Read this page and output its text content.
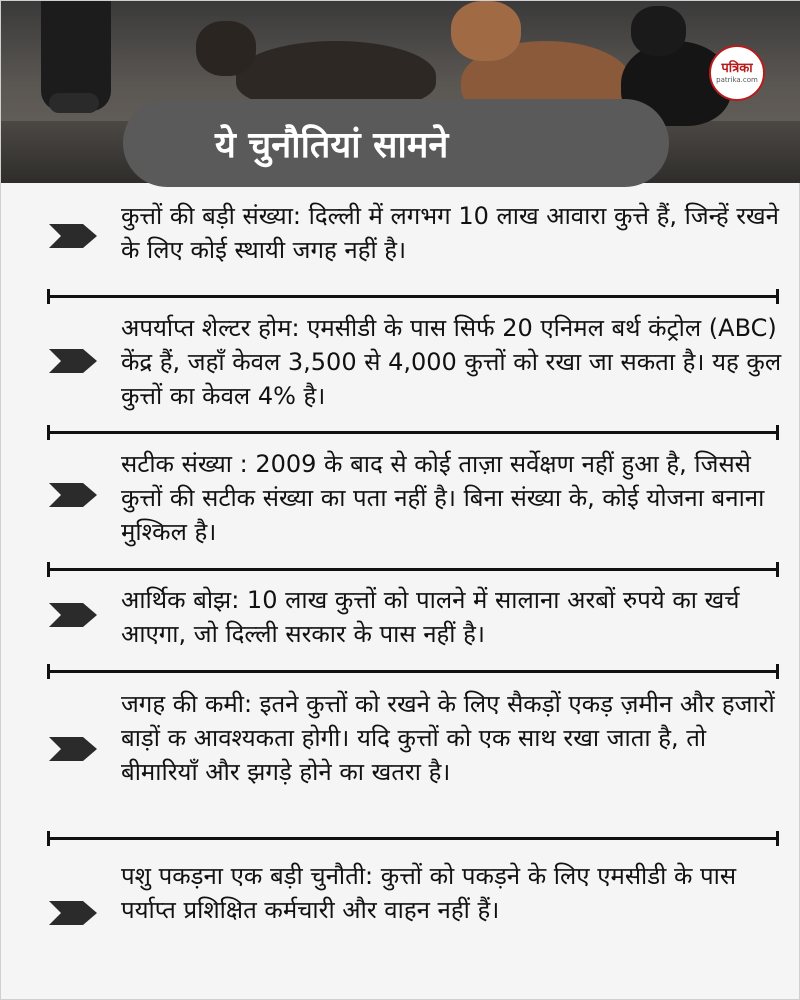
पत्रिका
patrika.com
ये चुनौतियां सामने
कुत्तों की बड़ी संख्या: दिल्ली में लगभग 10 लाख आवारा कुत्ते हैं, जिन्हें रखने के लिए कोई स्थायी जगह नहीं है।
अपर्याप्त शेल्टर होम: एमसीडी के पास सिर्फ 20 एनिमल बर्थ कंट्रोल (ABC) केंद्र हैं, जहाँ केवल 3,500 से 4,000 कुत्तों को रखा जा सकता है। यह कुल कुत्तों का केवल 4% है।
सटीक संख्या : 2009 के बाद से कोई ताज़ा सर्वेक्षण नहीं हुआ है, जिससे कुत्तों की सटीक संख्या का पता नहीं है। बिना संख्या के, कोई योजना बनाना मुश्किल है।
आर्थिक बोझ: 10 लाख कुत्तों को पालने में सालाना अरबों रुपये का खर्च आएगा, जो दिल्ली सरकार के पास नहीं है।
जगह की कमी: इतने कुत्तों को रखने के लिए सैकड़ों एकड़ ज़मीन और हजारों बाड़ों क आवश्यकता होगी। यदि कुत्तों को एक साथ रखा जाता है, तो बीमारियाँ और झगड़े होने का खतरा है।
पशु पकड़ना एक बड़ी चुनौती: कुत्तों को पकड़ने के लिए एमसीडी के पास पर्याप्त प्रशिक्षित कर्मचारी और वाहन नहीं हैं।
